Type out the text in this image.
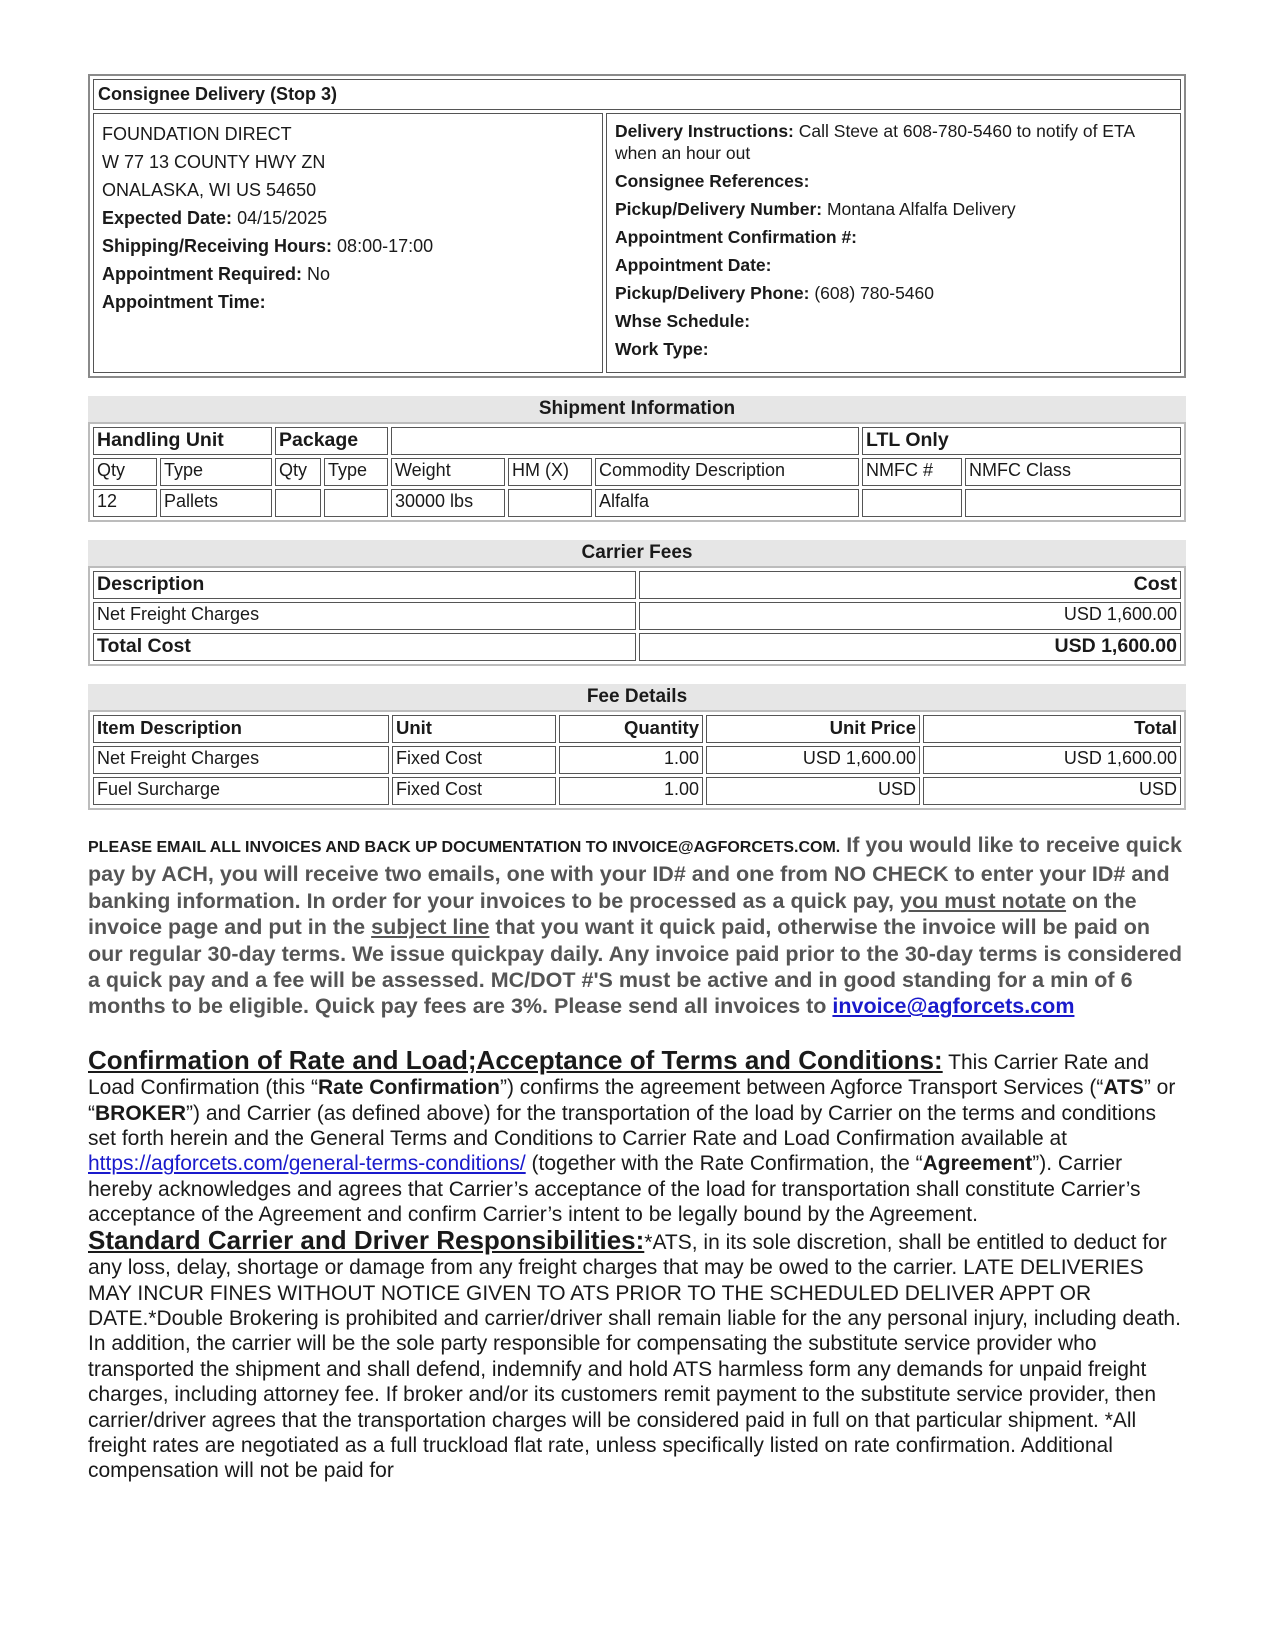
Consignee Delivery (Stop 3)

FOUNDATION DIRECT
W 77 13 COUNTY HWY ZN
ONALASKA, WI US 54650
Expected Date: 04/15/2025
Shipping/Receiving Hours: 08:00-17:00
Appointment Required: No
Appointment Time:

Delivery Instructions: Call Steve at 608-780-5460 to notify of ETA when an hour out
Consignee References:
Pickup/Delivery Number: Montana Alfalfa Delivery
Appointment Confirmation #:
Appointment Date:
Pickup/Delivery Phone: (608) 780-5460
Whse Schedule:
Work Type:
Shipment Information
Handling Unit		Package					LTL Only	
Qty	Type	Qty	Type	Weight	HM (X)	Commodity Description	NMFC #	NMFC Class
12	Pallets			30000 lbs		Alfalfa		
Carrier Fees
Description	Cost
Net Freight Charges	USD 1,600.00
Total Cost	USD 1,600.00
Fee Details
Item Description	Unit	Quantity	Unit Price	Total
Net Freight Charges	Fixed Cost	1.00	USD 1,600.00	USD 1,600.00
Fuel Surcharge	Fixed Cost	1.00	USD	USD
PLEASE EMAIL ALL INVOICES AND BACK UP DOCUMENTATION TO INVOICE@AGFORCETS.COM. If you would like to receive quick pay by ACH, you will receive two emails, one with your ID# and one from NO CHECK to enter your ID# and banking information. In order for your invoices to be processed as a quick pay, you must notate on the invoice page and put in the subject line that you want it quick paid, otherwise the invoice will be paid on our regular 30-day terms. We issue quickpay daily. Any invoice paid prior to the 30-day terms is considered a quick pay and a fee will be assessed. MC/DOT #'S must be active and in good standing for a min of 6 months to be eligible. Quick pay fees are 3%. Please send all invoices to invoice@agforcets.com
Confirmation of Rate and Load;Acceptance of Terms and Conditions: This Carrier Rate and Load Confirmation (this “Rate Confirmation”) confirms the agreement between Agforce Transport Services (“ATS” or “BROKER”) and Carrier (as defined above) for the transportation of the load by Carrier on the terms and conditions set forth herein and the General Terms and Conditions to Carrier Rate and Load Confirmation available at https://agforcets.com/general-terms-conditions/ (together with the Rate Confirmation, the “Agreement”). Carrier hereby acknowledges and agrees that Carrier’s acceptance of the load for transportation shall constitute Carrier’s acceptance of the Agreement and confirm Carrier’s intent to be legally bound by the Agreement.
Standard Carrier and Driver Responsibilities:*ATS, in its sole discretion, shall be entitled to deduct for any loss, delay, shortage or damage from any freight charges that may be owed to the carrier. LATE DELIVERIES MAY INCUR FINES WITHOUT NOTICE GIVEN TO ATS PRIOR TO THE SCHEDULED DELIVER APPT OR DATE.*Double Brokering is prohibited and carrier/driver shall remain liable for the any personal injury, including death. In addition, the carrier will be the sole party responsible for compensating the substitute service provider who transported the shipment and shall defend, indemnify and hold ATS harmless form any demands for unpaid freight charges, including attorney fee. If broker and/or its customers remit payment to the substitute service provider, then carrier/driver agrees that the transportation charges will be considered paid in full on that particular shipment. *All freight rates are negotiated as a full truckload flat rate, unless specifically listed on rate confirmation. Additional compensation will not be paid for
